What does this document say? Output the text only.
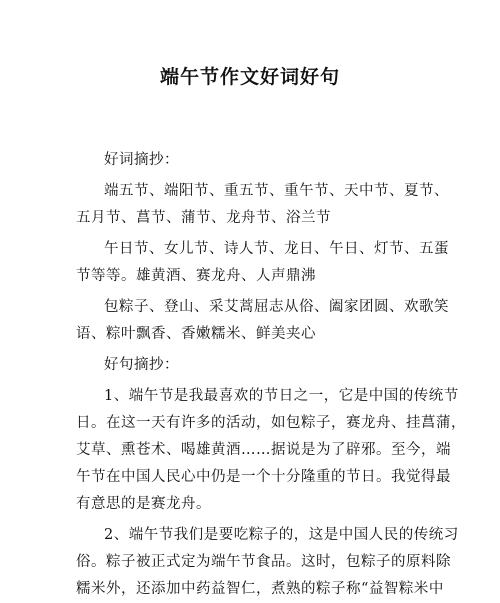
端午节作文好词好句
好词摘抄：
端五节、端阳节、重五节、重午节、天中节、夏节、
五月节、菖节、蒲节、龙舟节、浴兰节
午日节、女儿节、诗人节、龙日、午日、灯节、五蛋
节等等。雄黄酒、赛龙舟、人声鼎沸
包粽子、登山、采艾蒿屈志从俗、阖家团圆、欢歌笑
语、粽叶飘香、香嫩糯米、鲜美夹心
好句摘抄：
1、端午节是我最喜欢的节日之一，它是中国的传统节
日。在这一天有许多的活动，如包粽子，赛龙舟、挂菖蒲，
艾草、熏苍术、喝雄黄酒……据说是为了辟邪。至今，端
午节在中国人民心中仍是一个十分隆重的节日。我觉得最
有意思的是赛龙舟。
2、端午节我们是要吃粽子的，这是中国人民的传统习
俗。粽子被正式定为端午节食品。这时，包粽子的原料除
糯米外，还添加中药益智仁，煮熟的粽子称“益智粽米中
